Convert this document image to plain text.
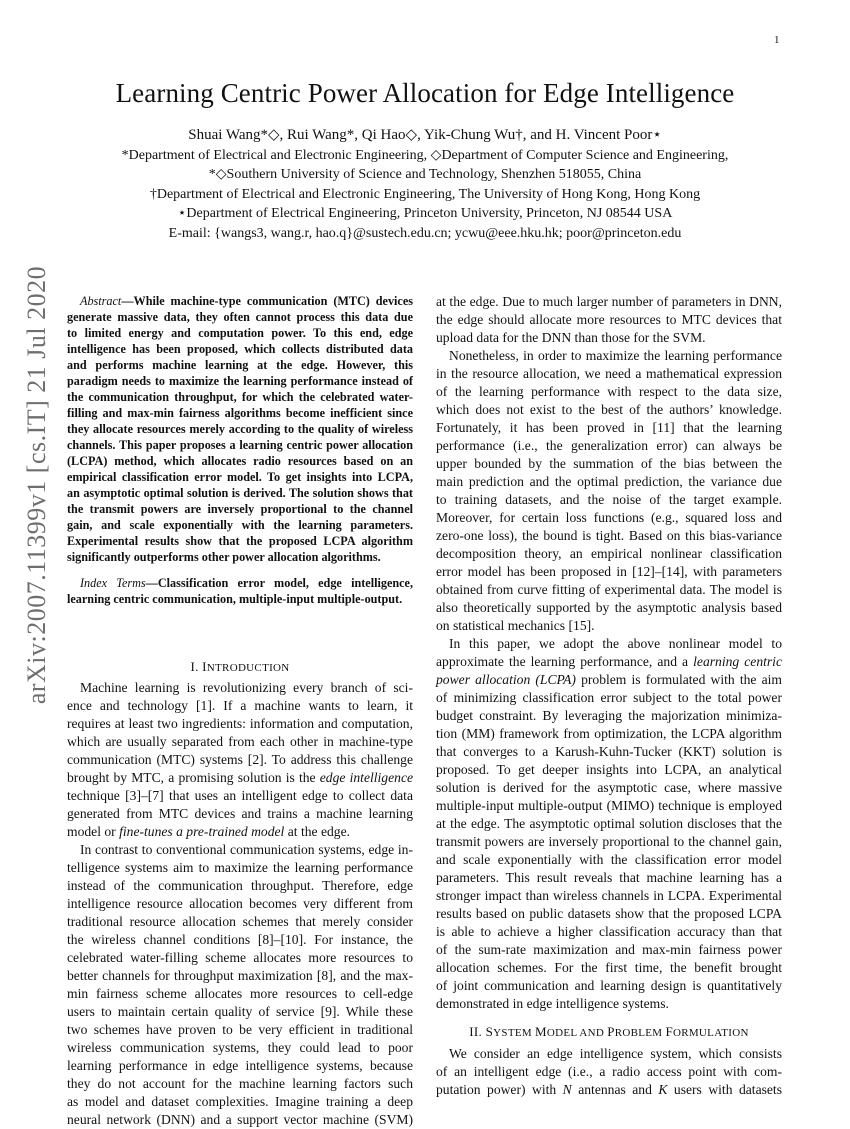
1
arXiv:2007.11399v1 [cs.IT] 21 Jul 2020
Learning Centric Power Allocation for Edge Intelligence
Shuai Wang*◇, Rui Wang*, Qi Hao◇, Yik-Chung Wu†, and H. Vincent Poor⋆
*Department of Electrical and Electronic Engineering, ◇Department of Computer Science and Engineering,
*◇Southern University of Science and Technology, Shenzhen 518055, China
†Department of Electrical and Electronic Engineering, The University of Hong Kong, Hong Kong
⋆Department of Electrical Engineering, Princeton University, Princeton, NJ 08544 USA
E-mail: {wangs3, wang.r, hao.q}@sustech.edu.cn; ycwu@eee.hku.hk; poor@princeton.edu
Abstract—While machine-type communication (MTC) devices
generate massive data, they often cannot process this data due
to limited energy and computation power. To this end, edge
intelligence has been proposed, which collects distributed data
and performs machine learning at the edge. However, this
paradigm needs to maximize the learning performance instead of
the communication throughput, for which the celebrated water-
filling and max-min fairness algorithms become inefficient since
they allocate resources merely according to the quality of wireless
channels. This paper proposes a learning centric power allocation
(LCPA) method, which allocates radio resources based on an
empirical classification error model. To get insights into LCPA,
an asymptotic optimal solution is derived. The solution shows that
the transmit powers are inversely proportional to the channel
gain, and scale exponentially with the learning parameters.
Experimental results show that the proposed LCPA algorithm
significantly outperforms other power allocation algorithms.
Index Terms—Classification error model, edge intelligence,
learning centric communication, multiple-input multiple-output.
I. INTRODUCTION
Machine learning is revolutionizing every branch of sci-
ence and technology [1]. If a machine wants to learn, it
requires at least two ingredients: information and computation,
which are usually separated from each other in machine-type
communication (MTC) systems [2]. To address this challenge
brought by MTC, a promising solution is the edge intelligence
technique [3]–[7] that uses an intelligent edge to collect data
generated from MTC devices and trains a machine learning
model or fine-tunes a pre-trained model at the edge.
In contrast to conventional communication systems, edge in-
telligence systems aim to maximize the learning performance
instead of the communication throughput. Therefore, edge
intelligence resource allocation becomes very different from
traditional resource allocation schemes that merely consider
the wireless channel conditions [8]–[10]. For instance, the
celebrated water-filling scheme allocates more resources to
better channels for throughput maximization [8], and the max-
min fairness scheme allocates more resources to cell-edge
users to maintain certain quality of service [9]. While these
two schemes have proven to be very efficient in traditional
wireless communication systems, they could lead to poor
learning performance in edge intelligence systems, because
they do not account for the machine learning factors such
as model and dataset complexities. Imagine training a deep
neural network (DNN) and a support vector machine (SVM)
at the edge. Due to much larger number of parameters in DNN,
the edge should allocate more resources to MTC devices that
upload data for the DNN than those for the SVM.
Nonetheless, in order to maximize the learning performance
in the resource allocation, we need a mathematical expression
of the learning performance with respect to the data size,
which does not exist to the best of the authors’ knowledge.
Fortunately, it has been proved in [11] that the learning
performance (i.e., the generalization error) can always be
upper bounded by the summation of the bias between the
main prediction and the optimal prediction, the variance due
to training datasets, and the noise of the target example.
Moreover, for certain loss functions (e.g., squared loss and
zero-one loss), the bound is tight. Based on this bias-variance
decomposition theory, an empirical nonlinear classification
error model has been proposed in [12]–[14], with parameters
obtained from curve fitting of experimental data. The model is
also theoretically supported by the asymptotic analysis based
on statistical mechanics [15].
In this paper, we adopt the above nonlinear model to
approximate the learning performance, and a learning centric
power allocation (LCPA) problem is formulated with the aim
of minimizing classification error subject to the total power
budget constraint. By leveraging the majorization minimiza-
tion (MM) framework from optimization, the LCPA algorithm
that converges to a Karush-Kuhn-Tucker (KKT) solution is
proposed. To get deeper insights into LCPA, an analytical
solution is derived for the asymptotic case, where massive
multiple-input multiple-output (MIMO) technique is employed
at the edge. The asymptotic optimal solution discloses that the
transmit powers are inversely proportional to the channel gain,
and scale exponentially with the classification error model
parameters. This result reveals that machine learning has a
stronger impact than wireless channels in LCPA. Experimental
results based on public datasets show that the proposed LCPA
is able to achieve a higher classification accuracy than that
of the sum-rate maximization and max-min fairness power
allocation schemes. For the first time, the benefit brought
of joint communication and learning design is quantitatively
demonstrated in edge intelligence systems.
II. SYSTEM MODEL AND PROBLEM FORMULATION
We consider an edge intelligence system, which consists
of an intelligent edge (i.e., a radio access point with com-
putation power) with N antennas and K users with datasets
